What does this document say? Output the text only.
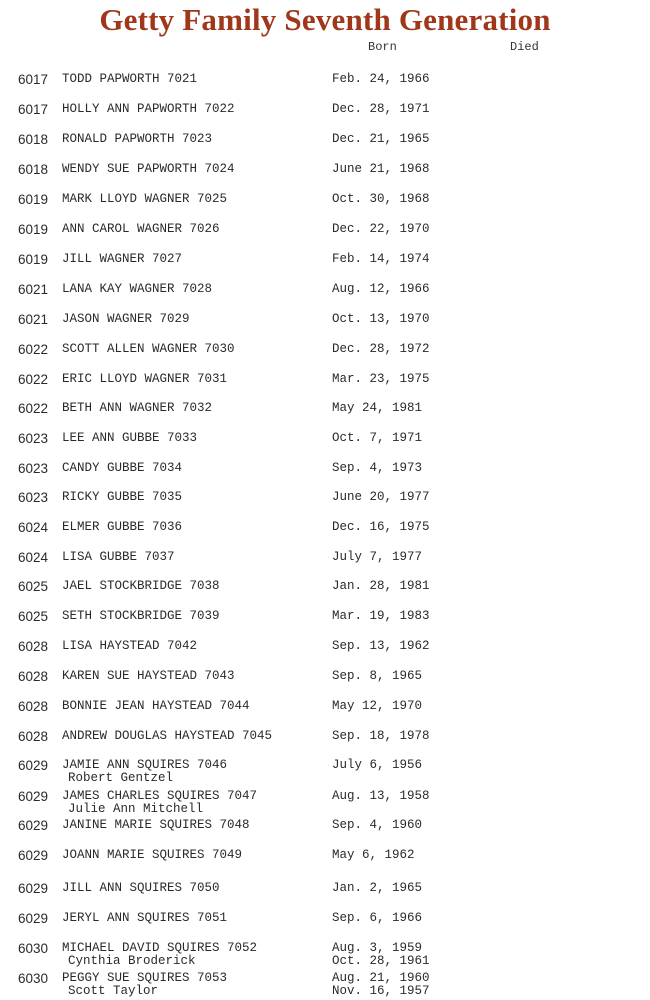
Getty Family Seventh Generation
Born	Died
6017 TODD PAPWORTH 7021	Feb. 24, 1966
6017 HOLLY ANN PAPWORTH 7022	Dec. 28, 1971
6018 RONALD PAPWORTH 7023	Dec. 21, 1965
6018 WENDY SUE PAPWORTH 7024	June 21, 1968
6019 MARK LLOYD WAGNER 7025	Oct. 30, 1968
6019 ANN CAROL WAGNER 7026	Dec. 22, 1970
6019 JILL WAGNER 7027	Feb. 14, 1974
6021 LANA KAY WAGNER 7028	Aug. 12, 1966
6021 JASON WAGNER 7029	Oct. 13, 1970
6022 SCOTT ALLEN WAGNER 7030	Dec. 28, 1972
6022 ERIC LLOYD WAGNER 7031	Mar. 23, 1975
6022 BETH ANN WAGNER 7032	May 24, 1981
6023 LEE ANN GUBBE 7033	Oct. 7, 1971
6023 CANDY GUBBE 7034	Sep. 4, 1973
6023 RICKY GUBBE 7035	June 20, 1977
6024 ELMER GUBBE 7036	Dec. 16, 1975
6024 LISA GUBBE 7037	July 7, 1977
6025 JAEL STOCKBRIDGE 7038	Jan. 28, 1981
6025 SETH STOCKBRIDGE 7039	Mar. 19, 1983
6028 LISA HAYSTEAD 7042	Sep. 13, 1962
6028 KAREN SUE HAYSTEAD 7043	Sep. 8, 1965
6028 BONNIE JEAN HAYSTEAD 7044	May 12, 1970
6028 ANDREW DOUGLAS HAYSTEAD 7045	Sep. 18, 1978
6029 JAMIE ANN SQUIRES 7046	July 6, 1956
Robert Gentzel
6029 JAMES CHARLES SQUIRES 7047	Aug. 13, 1958
Julie Ann Mitchell
6029 JANINE MARIE SQUIRES 7048	Sep. 4, 1960
6029 JOANN MARIE SQUIRES 7049	May 6, 1962
6029 JILL ANN SQUIRES 7050	Jan. 2, 1965
6029 JERYL ANN SQUIRES 7051	Sep. 6, 1966
6030 MICHAEL DAVID SQUIRES 7052	Aug. 3, 1959
Cynthia Broderick	Oct. 28, 1961
6030 PEGGY SUE SQUIRES 7053	Aug. 21, 1960
Scott Taylor	Nov. 16, 1957
